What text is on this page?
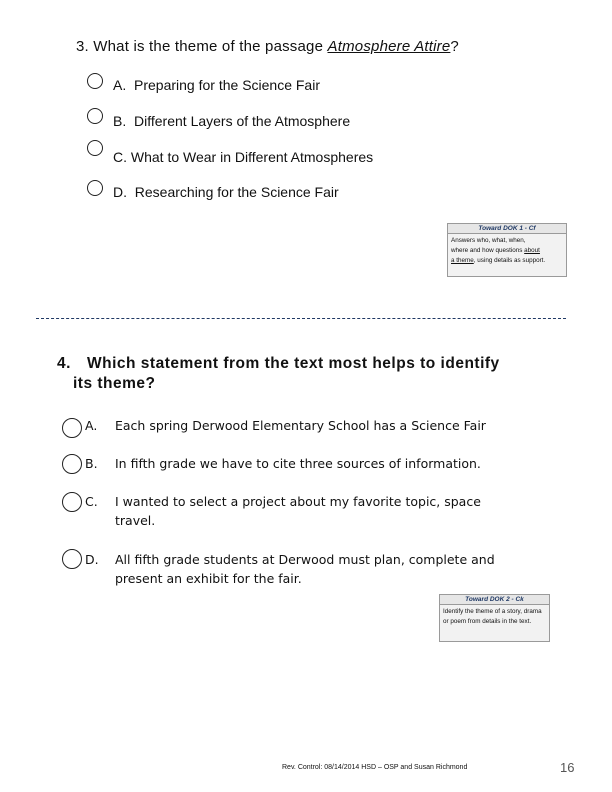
3. What is the theme of the passage Atmosphere Attire?
A. Preparing for the Science Fair
B. Different Layers of the Atmosphere
C. What to Wear in Different Atmospheres
D. Researching for the Science Fair
Toward DOK 1 - Cf
Answers who, what, when,
where and how questions about
a theme, using details as support.
4. Which statement from the text most helps to identify
its theme?
A. Each spring Derwood Elementary School has a Science Fair
B. In fifth grade we have to cite three sources of information.
C. I wanted to select a project about my favorite topic, space travel.
D. All fifth grade students at Derwood must plan, complete and present an exhibit for the fair.
Toward DOK 2 - Ck
Identify the theme of a story, drama or poem from details in the text.
Rev. Control: 08/14/2014 HSD – OSP and Susan Richmond	16
